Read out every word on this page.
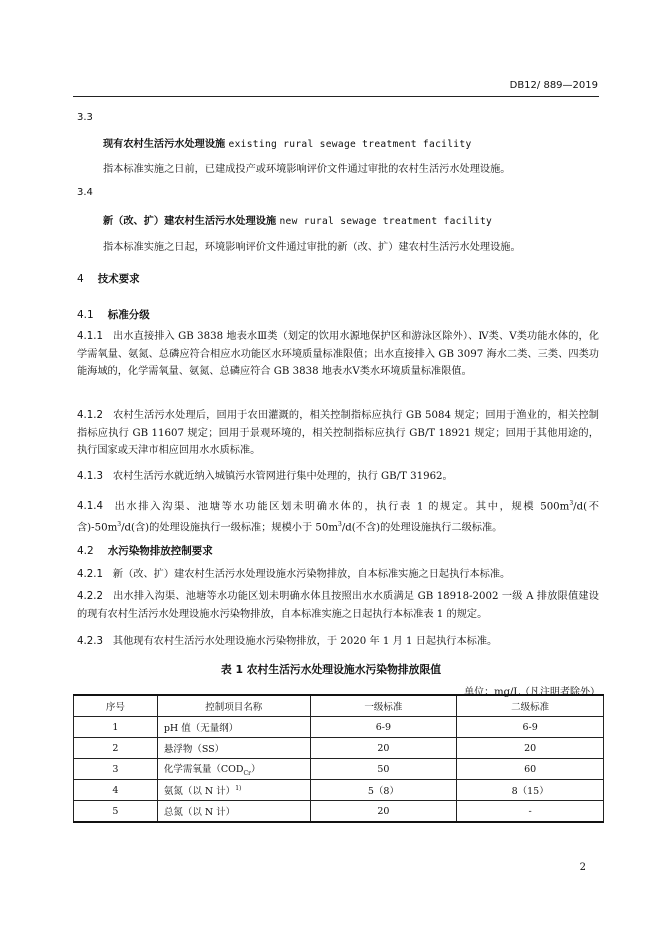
DB12/ 889—2019
3.3
现有农村生活污水处理设施 existing rural sewage treatment facility
指本标准实施之日前，已建成投产或环境影响评价文件通过审批的农村生活污水处理设施。
3.4
新（改、扩）建农村生活污水处理设施 new rural sewage treatment facility
指本标准实施之日起，环境影响评价文件通过审批的新（改、扩）建农村生活污水处理设施。
4 技术要求
4.1 标准分级
4.1.1 出水直接排入 GB 3838 地表水Ⅲ类（划定的饮用水源地保护区和游泳区除外）、Ⅳ类、Ⅴ类功能水体的，化学需氧量、氨氮、总磷应符合相应水功能区水环境质量标准限值；出水直接排入 GB 3097 海水二类、三类、四类功能海域的，化学需氧量、氨氮、总磷应符合 GB 3838 地表水Ⅴ类水环境质量标准限值。
4.1.2 农村生活污水处理后，回用于农田灌溉的，相关控制指标应执行 GB 5084 规定；回用于渔业的，相关控制指标应执行 GB 11607 规定；回用于景观环境的，相关控制指标应执行 GB/T 18921 规定；回用于其他用途的，执行国家或天津市相应回用水水质标准。
4.1.3 农村生活污水就近纳入城镇污水管网进行集中处理的，执行 GB/T 31962。
4.1.4 出水排入沟渠、池塘等水功能区划未明确水体的，执行表 1 的规定。其中，规模 $500m^3/d$(不含)$-50m^3/d$(含)的处理设施执行一级标准；规模小于 $50m^3/d$(不含)的处理设施执行二级标准。
4.2 水污染物排放控制要求
4.2.1 新（改、扩）建农村生活污水处理设施水污染物排放，自本标准实施之日起执行本标准。
4.2.2 出水排入沟渠、池塘等水功能区划未明确水体且按照出水水质满足 GB 18918-2002 一级 A 排放限值建设的现有农村生活污水处理设施水污染物排放，自本标准实施之日起执行本标准表 1 的规定。
4.2.3 其他现有农村生活污水处理设施水污染物排放，于 2020 年 1 月 1 日起执行本标准。
表 1 农村生活污水处理设施水污染物排放限值
单位：mg/L（凡注明者除外）
序号	控制项目名称	一级标准	二级标准
1	pH 值（无量纲）	6-9	6-9
2	悬浮物（SS）	20	20
3	化学需氧量$(COD_{Cr})$	50	60
4	氨氮（以 N 计）$^{1)}$	5（8）	8（15）
5	总氮（以 N 计）	20	-
2
